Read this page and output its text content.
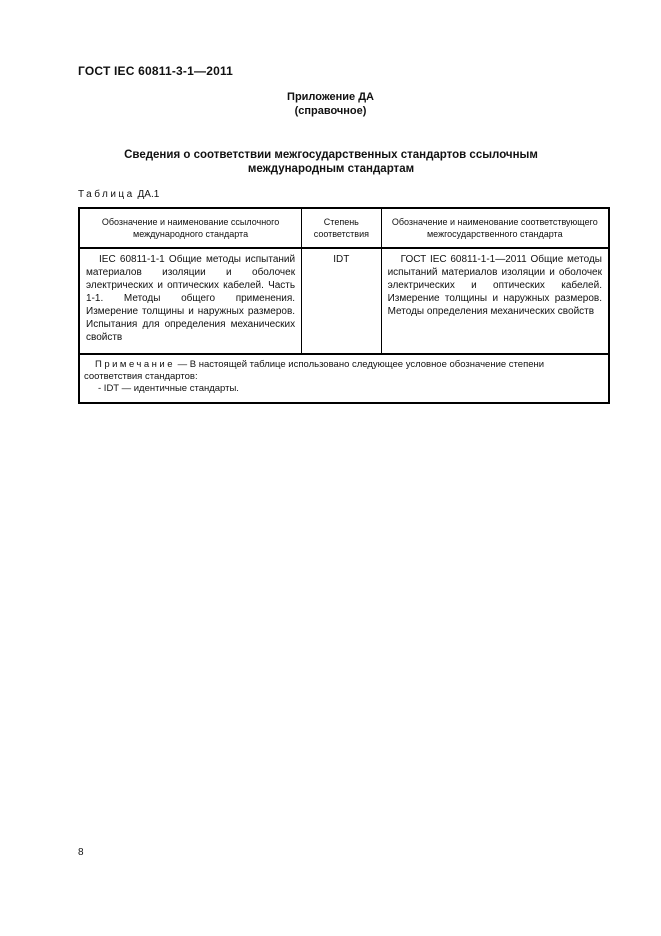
ГОСТ IEC 60811-3-1—2011
Приложение ДА
(справочное)
Сведения о соответствии межгосударственных стандартов ссылочным международным стандартам
Таблица ДА.1
Обозначение и наименование ссылочного международного стандарта	Степень соответствия	Обозначение и наименование соответствующего межгосударственного стандарта
IEC 60811-1-1 Общие методы испытаний материалов изоляции и оболочек электрических и оптических кабелей. Часть 1-1. Методы общего применения. Измерение толщины и наружных размеров. Испытания для определения механических свойств	IDT	ГОСТ IEC 60811-1-1—2011 Общие методы испытаний материалов изоляции и оболочек электрических и оптических кабелей. Измерение толщины и наружных размеров. Методы определения механических свойств

Примечание — В настоящей таблице использовано следующее условное обозначение степени соответствия стандартов:
- IDT — идентичные стандарты.		
8
